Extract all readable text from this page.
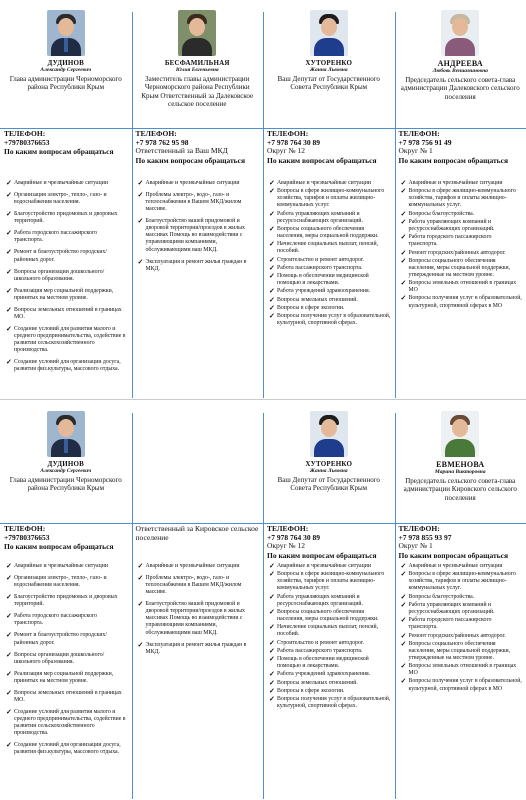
ДУДИНОВ
Александр Сергеевич
Глава администрации Черноморского района Республики Крым
ТЕЛЕФОН:
+79780376653
По каким вопросам обращаться
✓ Аварийные и чрезвычайные ситуации
✓ Организация электро-, тепло-, газо- и водоснабжения населения.
✓ Благоустройство придомовых и дворовых территорий.
✓ Работа городского пассажирского транспорта.
✓ Ремонт и благоустройство городских/ районных дорог.
✓ Вопросы организации дошкольного/ школьного образования.
✓ Реализация мер социальной поддержки, принятых на местном уровне.
✓ Вопросы земельных отношений в границах МО.
✓ Создание условий для развития малого и среднего предпринимательства, содействие в развитии сельскохозяйственного производства.
✓ Создание условий для организации досуга, развития физ.культуры, массового отдыха.
БЕСФАМИЛЬНАЯ
Юлия Евгеньевна
Заместитель главы администрации Черноморского района Республики Крым Ответственный за Далековское сельское поселение
ТЕЛЕФОН:
+7 978 762 95 98
Ответственный за Ваш МКД
По каким вопросам обращаться
✓ Аварийные и чрезвычайные ситуации
✓ Проблемы электро-, водо-, газо- и теплоснабжения в Вашем МКД/жилом массиве.
✓ Благоустройство вашей придомовой и дворовой территории/проездов в жилых массивах Помощь во взаимодействии с управляющими компаниями, обслуживающими ваш МКД.
✓ Эксплуатация и ремонт жилья граждан в МКД.
ХУТОРЕНКО
Жанна Львовна
Ваш Депутат от Государственного Совета Республики Крым
ТЕЛЕФОН:
+7 978 764 30 89
Округ № 12
По каким вопросам обращаться
✓ Аварийные и чрезвычайные ситуации
✓ Вопросы в сфере жилищно-коммунального хозяйства, тарифов и оплаты жилищно-коммунальных услуг.
✓ Работа управляющих компаний и ресурсоснабжающих организаций.
✓ Вопросы социального обеспечения населения, меры социальной поддержки.
✓ Начисление социальных выплат, пенсий, пособий.
✓ Строительство и ремонт автодорог.
✓ Работа пассажирского транспорта.
✓ Помощь в обеспечении медицинской помощью и лекарствами.
✓ Работа учреждений здравоохранения.
✓ Вопросы земельных отношений.
✓ Вопросы в сфере экологии.
✓ Вопросы получения услуг в образовательной, культурной, спортивной сферах.
АНДРЕЕВА
Любовь Вениаминовна
Председатель сельского совета-глава администрации Далековского сельского поселения
ТЕЛЕФОН:
+7 978 756 91 49
Округ № 1
По каким вопросам обращаться
✓ Аварийные и чрезвычайные ситуации
✓ Вопросы в сфере жилищно-коммунального хозяйства, тарифов и оплаты жилищно-коммунальных услуг.
✓ Вопросы благоустройства.
✓ Работа управляющих компаний и ресурсоснабжающих организаций.
✓ Работа городского пассажирского транспорта.
✓ Ремонт городских/районных автодорог.
✓ Вопросы социального обеспечения населения, меры социальной поддержки, утвержденные на местном уровне.
✓ Вопросы земельных отношений в границах МО
✓ Вопросы получения услуг в образовательной, культурной, спортивной сферах в МО
ДУДИНОВ
Александр Сергеевич
Глава администрации Черноморского района Республики Крым
ТЕЛЕФОН:
+79780376653
По каким вопросам обращаться
✓ Аварийные и чрезвычайные ситуации
✓ Организация электро-, тепло-, газо- и водоснабжения населения.
✓ Благоустройство придомовых и дворовых территорий.
✓ Работа городского пассажирского транспорта.
✓ Ремонт и благоустройство городских/ районных дорог.
✓ Вопросы организации дошкольного/ школьного образования.
✓ Реализация мер социальной поддержки, принятых на местном уровне.
✓ Вопросы земельных отношений в границах МО.
✓ Создание условий для развития малого и среднего предпринимательства, содействие в развитии сельскохозяйственного производства.
✓ Создание условий для организации досуга, развития физ.культуры, массового отдыха.
Ответственный за Кировское сельское поселение
✓ Аварийные и чрезвычайные ситуации
✓ Проблемы электро-, водо-, газо- и теплоснабжения в Вашем МКД/жилом массиве.
✓ Благоустройство вашей придомовой и дворовой территории/проездов в жилых массивах Помощь во взаимодействии с управляющими компаниями, обслуживающими ваш МКД.
✓ Эксплуатация и ремонт жилья граждан в МКД.
ХУТОРЕНКО
Жанна Львовна
Ваш Депутат от Государственного Совета Республики Крым
ТЕЛЕФОН:
+7 978 764 30 89
Округ № 12
По каким вопросам обращаться
✓ Аварийные и чрезвычайные ситуации
✓ Вопросы в сфере жилищно-коммунального хозяйства, тарифов и оплаты жилищно-коммунальных услуг.
✓ Работа управляющих компаний и ресурсоснабжающих организаций.
✓ Вопросы социального обеспечения населения, меры социальной поддержки.
✓ Начисление социальных выплат, пенсий, пособий.
✓ Строительство и ремонт автодорог.
✓ Работа пассажирского транспорта.
✓ Помощь в обеспечении медицинской помощью и лекарствами.
✓ Работа учреждений здравоохранения.
✓ Вопросы земельных отношений.
✓ Вопросы в сфере экологии.
✓ Вопросы получения услуг в образовательной, культурной, спортивной сферах.
ЕВМЕНОВА
Марина Викторовна
Председатель сельского совета-глава администрации Кировского сельского поселения
ТЕЛЕФОН:
+7 978 855 93 97
Округ № 1
По каким вопросам обращаться
✓ Аварийные и чрезвычайные ситуации
✓ Вопросы в сфере жилищно-коммунального хозяйства, тарифов и оплаты жилищно-коммунальных услуг.
✓ Вопросы благоустройства.
✓ Работа управляющих компаний и ресурсоснабжающих организаций.
✓ Работа городского пассажирского транспорта.
✓ Ремонт городских/районных автодорог.
✓ Вопросы социального обеспечения населения, меры социальной поддержки, утвержденные на местном уровне.
✓ Вопросы земельных отношений в границах МО
✓ Вопросы получения услуг в образовательной, культурной, спортивной сферах в МО
